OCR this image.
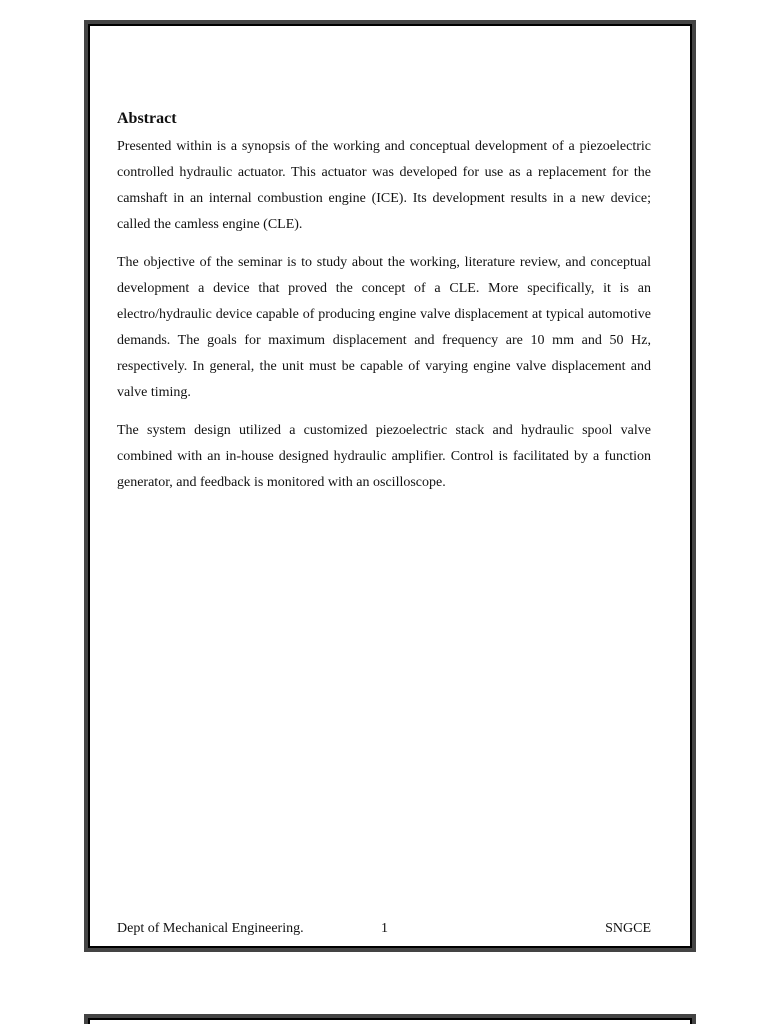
Abstract

Presented within is a synopsis of the working and conceptual development of a piezoelectric controlled hydraulic actuator. This actuator was developed for use as a replacement for the camshaft in an internal combustion engine (ICE). Its development results in a new device; called the camless engine (CLE).

The objective of the seminar is to study about the working, literature review, and conceptual development a device that proved the concept of a CLE. More specifically, it is an electro/hydraulic device capable of producing engine valve displacement at typical automotive demands. The goals for maximum displacement and frequency are 10 mm and 50 Hz, respectively. In general, the unit must be capable of varying engine valve displacement and valve timing.

The system design utilized a customized piezoelectric stack and hydraulic spool valve combined with an in-house designed hydraulic amplifier. Control is facilitated by a function generator, and feedback is monitored with an oscilloscope.

Dept of Mechanical Engineering.	1	SNGCE
